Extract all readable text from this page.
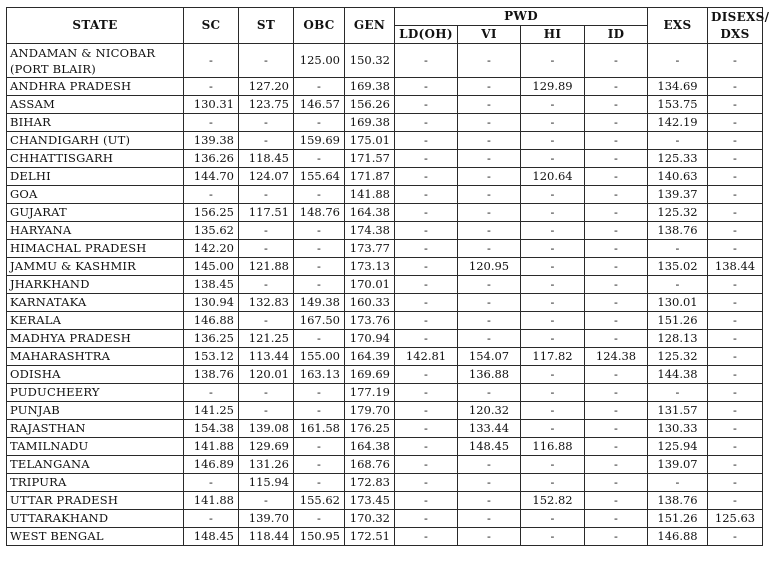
STATE	SC	ST	OBC	GEN	PWD				EXS	DISEXS/
DXS
					LD(OH)	VI	HI	ID		
ANDAMAN & NICOBAR (PORT BLAIR)	-	-	125.00	150.32	-	-	-	-	-	-
ANDHRA PRADESH	-	127.20	-	169.38	-	-	129.89	-	134.69	-
ASSAM	130.31	123.75	146.57	156.26	-	-	-	-	153.75	-
BIHAR	-	-	-	169.38	-	-	-	-	142.19	-
CHANDIGARH (UT)	139.38	-	159.69	175.01	-	-	-	-	-	-
CHHATTISGARH	136.26	118.45	-	171.57	-	-	-	-	125.33	-
DELHI	144.70	124.07	155.64	171.87	-	-	120.64	-	140.63	-
GOA	-	-	-	141.88	-	-	-	-	139.37	-
GUJARAT	156.25	117.51	148.76	164.38	-	-	-	-	125.32	-
HARYANA	135.62	-	-	174.38	-	-	-	-	138.76	-
HIMACHAL PRADESH	142.20	-	-	173.77	-	-	-	-	-	-
JAMMU & KASHMIR	145.00	121.88	-	173.13	-	120.95	-	-	135.02	138.44
JHARKHAND	138.45	-	-	170.01	-	-	-	-	-	-
KARNATAKA	130.94	132.83	149.38	160.33	-	-	-	-	130.01	-
KERALA	146.88	-	167.50	173.76	-	-	-	-	151.26	-
MADHYA PRADESH	136.25	121.25	-	170.94	-	-	-	-	128.13	-
MAHARASHTRA	153.12	113.44	155.00	164.39	142.81	154.07	117.82	124.38	125.32	-
ODISHA	138.76	120.01	163.13	169.69	-	136.88	-	-	144.38	-
PUDUCHEERY	-	-	-	177.19	-	-	-	-	-	-
PUNJAB	141.25	-	-	179.70	-	120.32	-	-	131.57	-
RAJASTHAN	154.38	139.08	161.58	176.25	-	133.44	-	-	130.33	-
TAMILNADU	141.88	129.69	-	164.38	-	148.45	116.88	-	125.94	-
TELANGANA	146.89	131.26	-	168.76	-	-	-	-	139.07	-
TRIPURA	-	115.94	-	172.83	-	-	-	-	-	-
UTTAR PRADESH	141.88	-	155.62	173.45	-	-	152.82	-	138.76	-
UTTARAKHAND	-	139.70	-	170.32	-	-	-	-	151.26	125.63
WEST BENGAL	148.45	118.44	150.95	172.51	-	-	-	-	146.88	-
